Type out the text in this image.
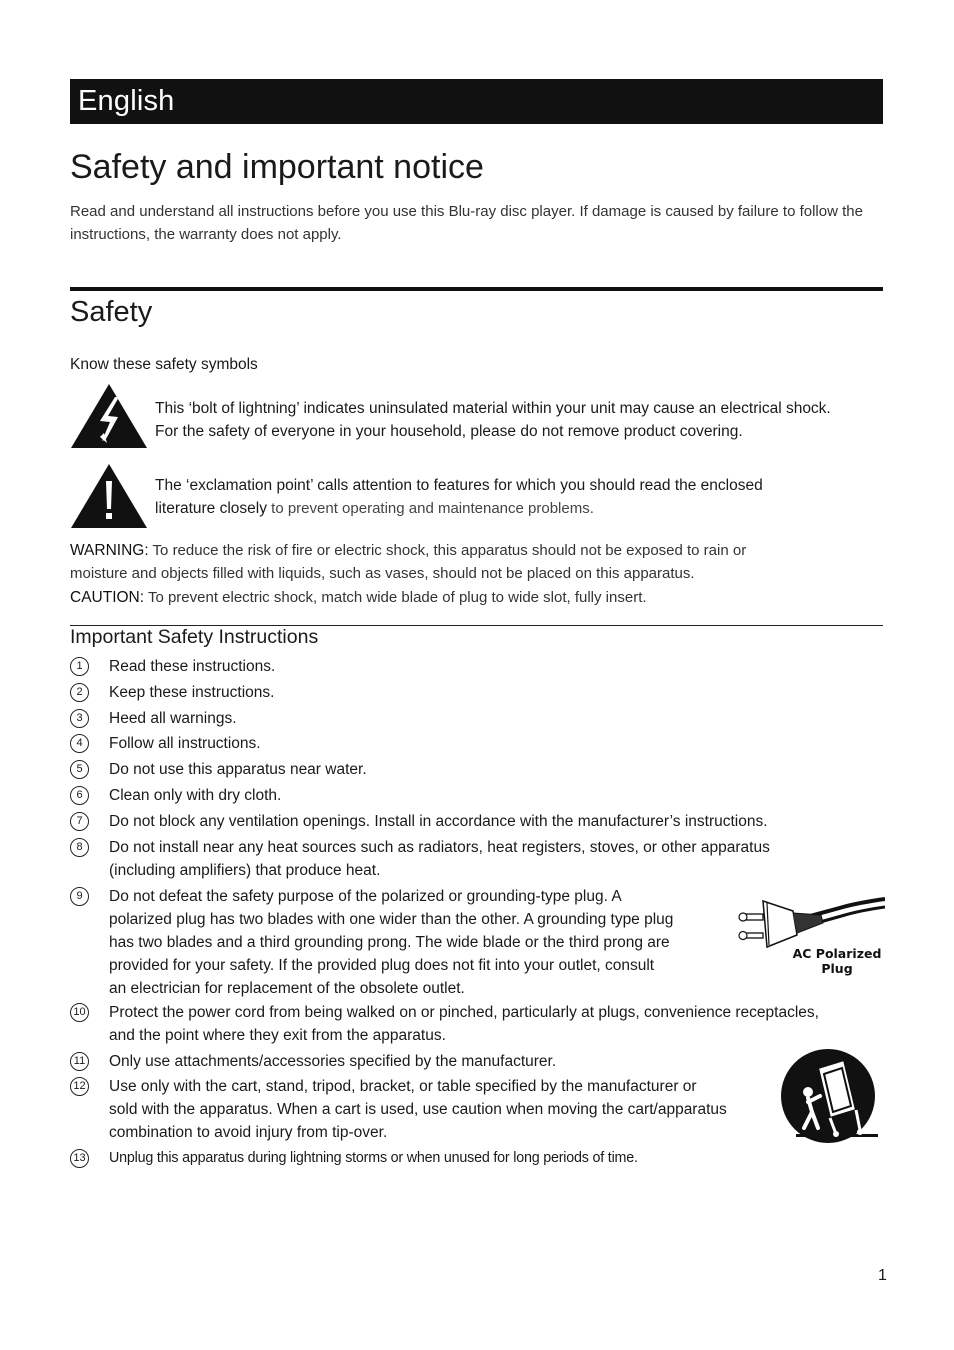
English
Safety and important notice

Read and understand all instructions before you use this Blu-ray disc player. If damage is caused by failure to follow the instructions, the warranty does not apply.

Safety

Know these safety symbols

This ‘bolt of lightning’ indicates uninsulated material within your unit may cause an electrical shock.
For the safety of everyone in your household, please do not remove product covering.

The ‘exclamation point’ calls attention to features for which you should read the enclosed
literature closely to prevent operating and maintenance problems.

WARNING: To reduce the risk of fire or electric shock, this apparatus should not be exposed to rain or
moisture and objects filled with liquids, such as vases, should not be placed on this apparatus.

CAUTION: To prevent electric shock, match wide blade of plug to wide slot, fully insert.

Important Safety Instructions
1	Read these instructions.

2	Keep these instructions.

3	Heed all warnings.

4	Follow all instructions.

5	Do not use this apparatus near water.

6	Clean only with dry cloth.

7	Do not block any ventilation openings. Install in accordance with the manufacturer’s instructions.

8	Do not install near any heat sources such as radiators, heat registers, stoves, or other apparatus
(including amplifiers) that produce heat.

9	Do not defeat the safety purpose of the polarized or grounding-type plug. A
polarized plug has two blades with one wider than the other. A grounding type plug
has two blades and a third grounding prong. The wide blade or the third prong are
provided for your safety. If the provided plug does not fit into your outlet, consult
an electrician for replacement of the obsolete outlet.

10 Protect the power cord from being walked on or pinched, particularly at plugs, convenience receptacles,
and the point where they exit from the apparatus.

11 Only use attachments/accessories specified by the manufacturer.

12 Use only with the cart, stand, tripod, bracket, or table specified by the manufacturer or
sold with the apparatus. When a cart is used, use caution when moving the cart/apparatus
combination to avoid injury from tip-over.

13 Unplug this apparatus during lightning storms or when unused for long periods of time.

AC Polarized
Plug

1
